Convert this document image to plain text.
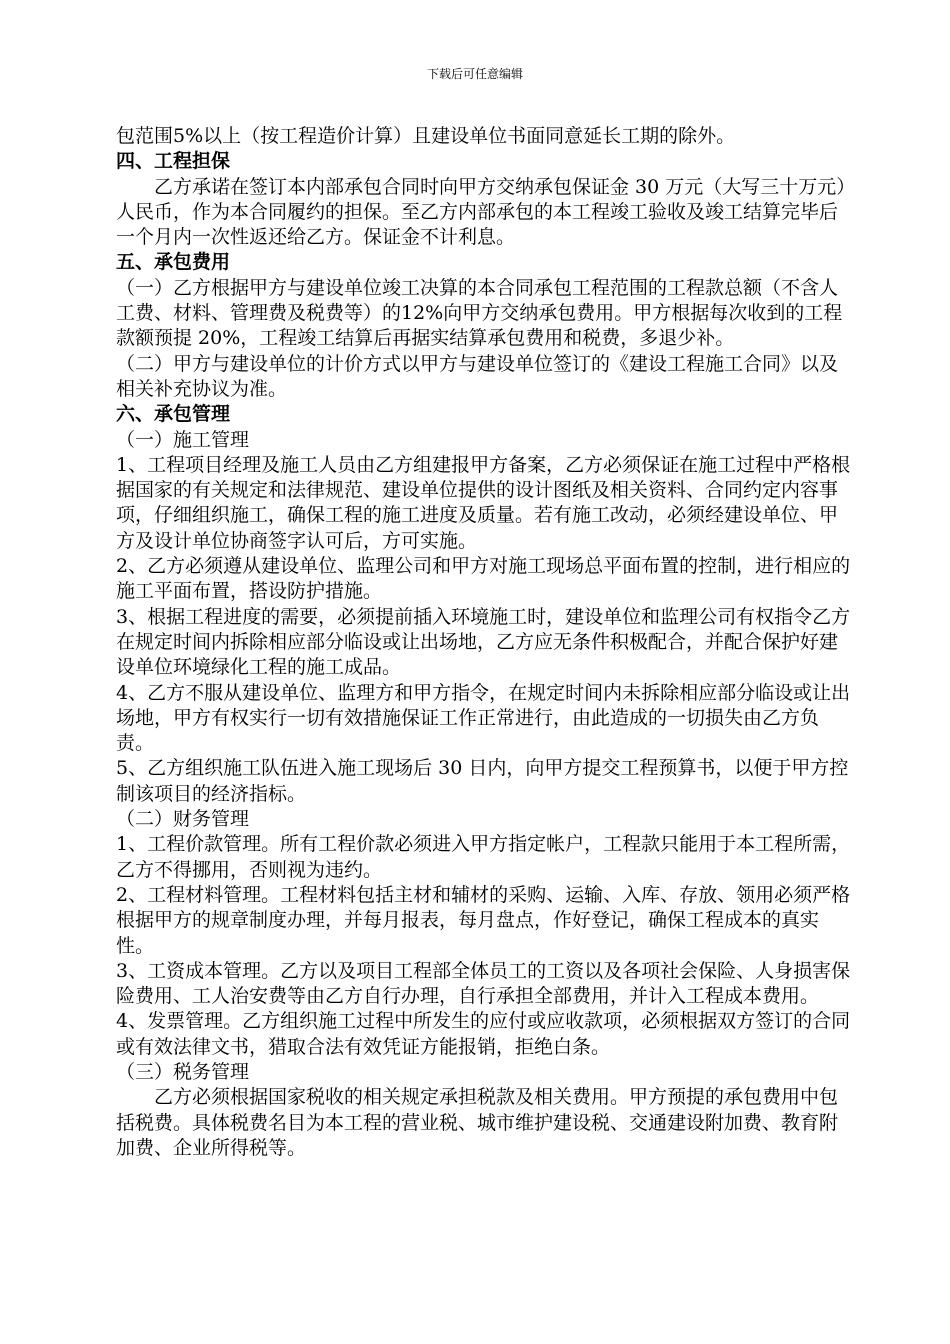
下载后可任意编辑

包范围5%以上（按工程造价计算）且建设单位书面同意延长工期的除外。

四、工程担保

乙方承诺在签订本内部承包合同时向甲方交纳承包保证金 30 万元（大写三十万元）人民币，作为本合同履约的担保。至乙方内部承包的本工程竣工验收及竣工结算完毕后一个月内一次性返还给乙方。保证金不计利息。

五、承包费用

（一）乙方根据甲方与建设单位竣工决算的本合同承包工程范围的工程款总额（不含人工费、材料、管理费及税费等）的12%向甲方交纳承包费用。甲方根据每次收到的工程款额预提 20%，工程竣工结算后再据实结算承包费用和税费，多退少补。

（二）甲方与建设单位的计价方式以甲方与建设单位签订的《建设工程施工合同》以及相关补充协议为准。

六、承包管理

（一）施工管理

1、工程项目经理及施工人员由乙方组建报甲方备案，乙方必须保证在施工过程中严格根据国家的有关规定和法律规范、建设单位提供的设计图纸及相关资料、合同约定内容事项，仔细组织施工，确保工程的施工进度及质量。若有施工改动，必须经建设单位、甲方及设计单位协商签字认可后，方可实施。

2、乙方必须遵从建设单位、监理公司和甲方对施工现场总平面布置的控制，进行相应的施工平面布置，搭设防护措施。

3、根据工程进度的需要，必须提前插入环境施工时，建设单位和监理公司有权指令乙方在规定时间内拆除相应部分临设或让出场地，乙方应无条件积极配合，并配合保护好建设单位环境绿化工程的施工成品。

4、乙方不服从建设单位、监理方和甲方指令，在规定时间内未拆除相应部分临设或让出场地，甲方有权实行一切有效措施保证工作正常进行，由此造成的一切损失由乙方负责。

5、乙方组织施工队伍进入施工现场后 30 日内，向甲方提交工程预算书，以便于甲方控制该项目的经济指标。

（二）财务管理

1、工程价款管理。所有工程价款必须进入甲方指定帐户，工程款只能用于本工程所需，乙方不得挪用，否则视为违约。

2、工程材料管理。工程材料包括主材和辅材的采购、运输、入库、存放、领用必须严格根据甲方的规章制度办理，并每月报表，每月盘点，作好登记，确保工程成本的真实性。

3、工资成本管理。乙方以及项目工程部全体员工的工资以及各项社会保险、人身损害保险费用、工人治安费等由乙方自行办理，自行承担全部费用，并计入工程成本费用。

4、发票管理。乙方组织施工过程中所发生的应付或应收款项，必须根据双方签订的合同或有效法律文书，猎取合法有效凭证方能报销，拒绝白条。

（三）税务管理

乙方必须根据国家税收的相关规定承担税款及相关费用。甲方预提的承包费用中包括税费。具体税费名目为本工程的营业税、城市维护建设税、交通建设附加费、教育附加费、企业所得税等。
